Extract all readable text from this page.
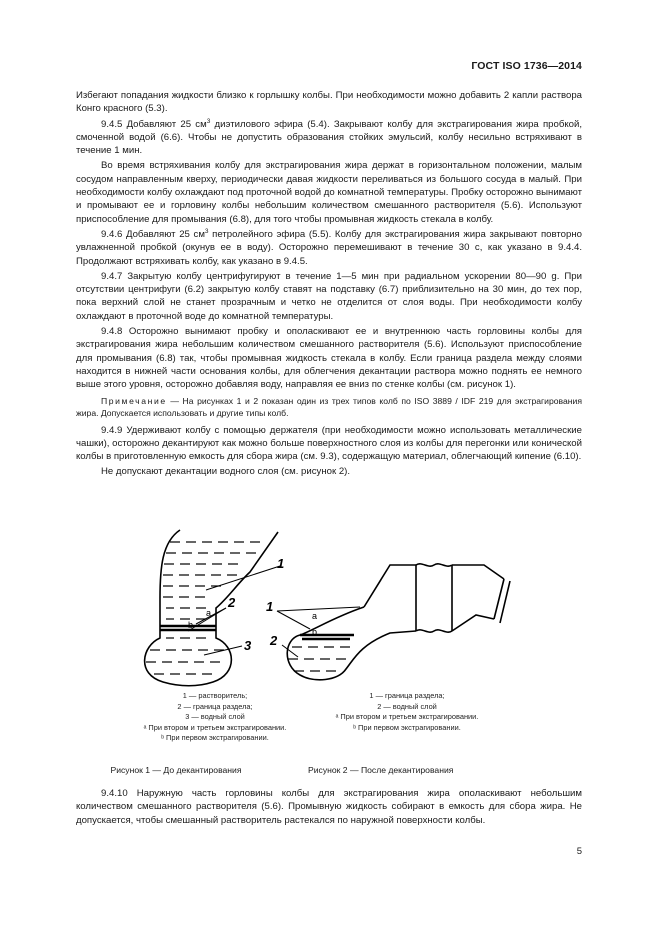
ГОСТ ISO 1736—2014

Избегают попадания жидкости близко к горлышку колбы. При необходимости можно добавить 2 капли раствора Конго красного (5.3).

9.4.5 Добавляют 25 $см^3$ диэтилового эфира (5.4). Закрывают колбу для экстрагирования жира пробкой, смоченной водой (6.6). Чтобы не допустить образования стойких эмульсий, колбу несильно встряхивают в течение 1 мин.

Во время встряхивания колбу для экстрагирования жира держат в горизонтальном положении, малым сосудом направленным кверху, периодически давая жидкости переливаться из большого сосуда в малый. При необходимости колбу охлаждают под проточной водой до комнатной температуры. Пробку осторожно вынимают и промывают ее и горловину колбы небольшим количеством смешанного растворителя (5.6). Используют приспособление для промывания (6.8), для того чтобы промывная жидкость стекала в колбу.

9.4.6 Добавляют 25 $см^3$ петролейного эфира (5.5). Колбу для экстрагирования жира закрывают повторно увлажненной пробкой (окунув ее в воду). Осторожно перемешивают в течение 30 с, как указано в 9.4.4. Продолжают встряхивать колбу, как указано в 9.4.5.

9.4.7 Закрытую колбу центрифугируют в течение 1—5 мин при радиальном ускорении 80—90 g. При отсутствии центрифуги (6.2) закрытую колбу ставят на подставку (6.7) приблизительно на 30 мин, до тех пор, пока верхний слой не станет прозрачным и четко не отделится от слоя воды. При необходимости колбу охлаждают в проточной воде до комнатной температуры.

9.4.8 Осторожно вынимают пробку и ополаскивают ее и внутреннюю часть горловины колбы для экстрагирования жира небольшим количеством смешанного растворителя (5.6). Используют приспособление для промывания (6.8) так, чтобы промывная жидкость стекала в колбу. Если граница раздела между слоями находится в нижней части основания колбы, для облегчения декантации раствора можно поднять ее немного выше этого уровня, осторожно добавляя воду, направляя ее вниз по стенке колбы (см. рисунок 1).

Примечание — На рисунках 1 и 2 показан один из трех типов колб по ISO 3889 / IDF 219 для экстрагирования жира. Допускается использовать и другие типы колб.

9.4.9 Удерживают колбу с помощью держателя (при необходимости можно использовать металлические чашки), осторожно декантируют как можно больше поверхностного слоя из колбы для перегонки или конической колбы в приготовленную емкость для сбора жира (см. 9.3), содержащую материал, облегчающий кипение (6.10).

Не допускают декантации водного слоя (см. рисунок 2).

1
2
3
a
b
1
2
a
b
1 — растворитель;
2 — граница раздела;
3 — водный слой
ᵃ При втором и третьем экстрагировании.
ᵇ При первом экстрагировании.
1 — граница раздела;
2 — водный слой
ᵃ При втором и третьем экстрагировании.
ᵇ При первом экстрагировании.
Рисунок 1 — До декантирования	Рисунок 2 — После декантирования

9.4.10 Наружную часть горловины колбы для экстрагирования жира ополаскивают небольшим количеством смешанного растворителя (5.6). Промывную жидкость собирают в емкость для сбора жира. Не допускается, чтобы смешанный растворитель растекался по наружной поверхности колбы.

5
